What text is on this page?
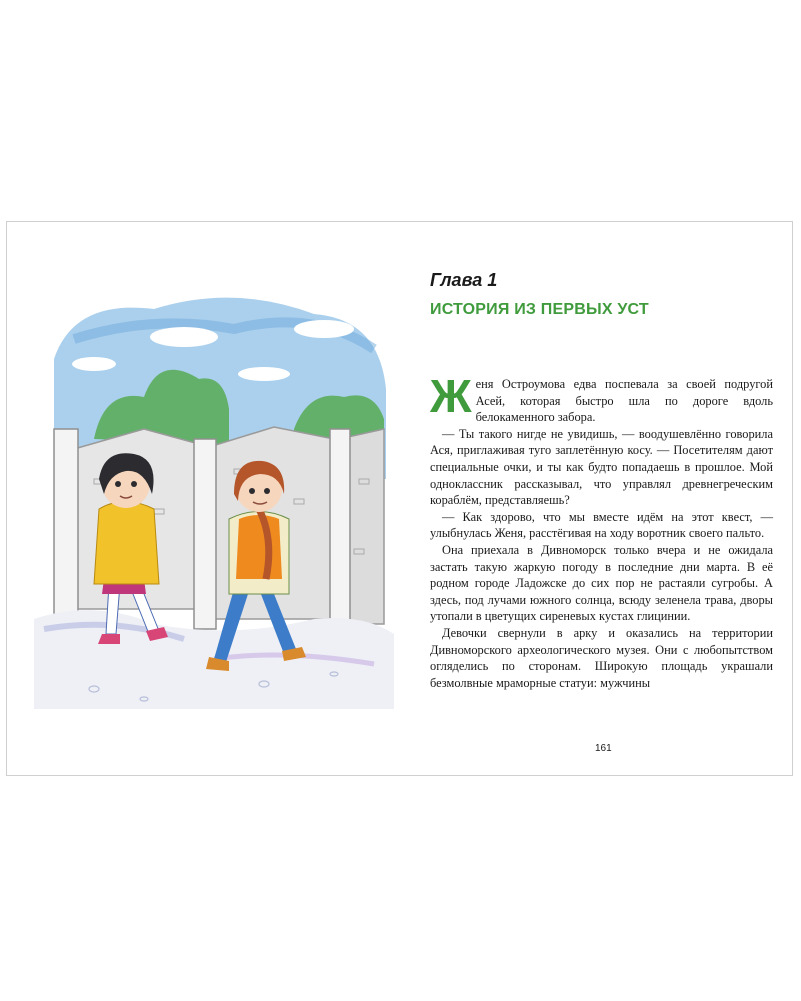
Глава 1
ИСТОРИЯ ИЗ ПЕРВЫХ УСТ

Женя Остроумова едва поспевала за своей подругой Асей, которая быстро шла по дороге вдоль белокаменного забора.

— Ты такого нигде не увидишь, — воодушевлённо говорила Ася, приглаживая туго заплетённую косу. — Посетителям дают специальные очки, и ты как будто попадаешь в прошлое. Мой одноклассник рассказывал, что управлял древнегреческим кораблём, представляешь?

— Как здорово, что мы вместе идём на этот квест, — улыбнулась Женя, расстёгивая на ходу воротник своего пальто.

Она приехала в Дивноморск только вчера и не ожидала застать такую жаркую погоду в последние дни марта. В её родном городе Ладожске до сих пор не растаяли сугробы. А здесь, под лучами южного солнца, всюду зеленела трава, дворы утопали в цветущих сиреневых кустах глицинии.

Девочки свернули в арку и оказались на территории Дивноморского археологического музея. Они с любопытством огляделись по сторонам. Широкую площадь украшали безмолвные мраморные статуи: мужчины

161
